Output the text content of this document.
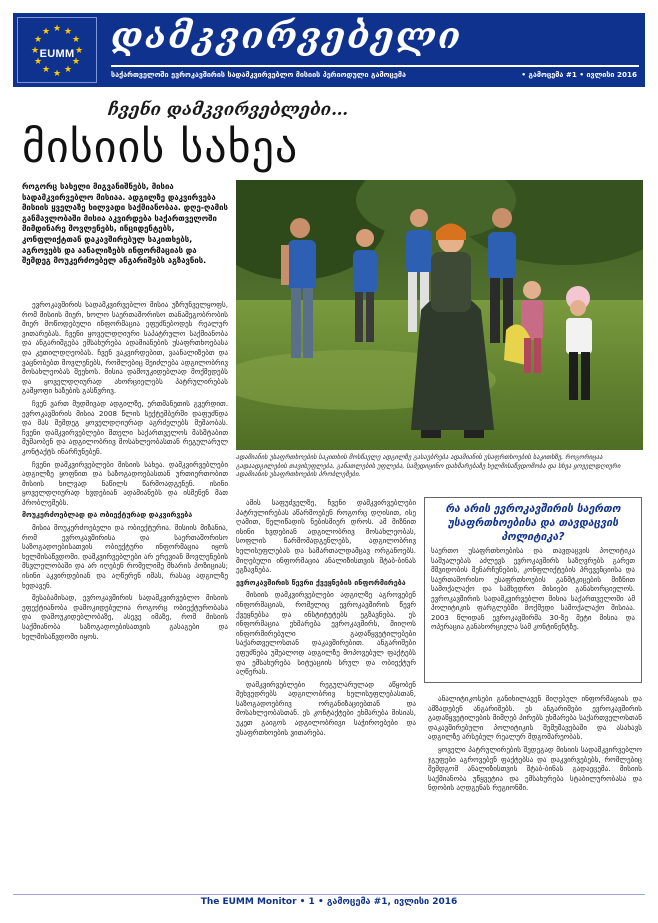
★ ★
★
★
★
★
★
★
★
★
★
★
EUMM	დამკვირვებელი
საქართველოში ევროკავშირის სადამკვირვებლო მისიის პერიოდული გამოცემა	• გამოცემა #1 • ივლისი 2016
ჩვენი დამკვირვებლები…
მისიის სახეა
როგორც სახელი მიგვანიშნებს, მისია სადამკვირვებლო მისიაა. ადგილზე დაკვირვება მისიის ყველაზე ხილვადი საქმიანობაა. დღე-ღამის განმავლობაში მისია აკვირდება საქართველოში მიმდინარე მოვლენებს, ინციდენტებს, კონფლიქტთან დაკავშირებულ საკითხებს, აგროვებს და აანალიზებს ინფორმაციას და შემდეგ მოუკერძოებელ ანგარიშებს აგზავნის.

ევროკავშირის სადამკვირვებლო მისია უზრუნველყოფს, რომ მისიის მიერ, ხოლო საერთაშორისო თანამეგობრობის მიერ მოწოდებული ინფორმაცია ეფუძნებოდეს რეალურ ვითარებას. ჩვენი ყოველდღიური საპატრულო საქმიანობა და ანგარიშგება ემსახურება ადამიანების უსაფრთხოებასა და კეთილდღეობას. ჩვენ ვაკვირდებით, ვაანალიზებთ და ვაცნობებთ მოვლენებს, რომლებიც შეიძლება ადგილობრივ მოსახლეობას შეეხოს. მისია დამოუკიდებლად მოქმედებს და ყოველდღიურად ახორციელებს პატრულირებას გამყოფი ხაზების გასწვრივ.

ჩვენ ვართ მუდმივად ადგილზე, ერთმანეთის გვერდით. ევროკავშირის მისია 2008 წლის სექტემბერში დაფუძნდა და მას შემდეგ ყოველდღიურად აგრძელებს მუშაობას. ჩვენი დამკვირვებლები მთელი საქართველოს მასშტაბით მუშაობენ და ადგილობრივ მოსახლეობასთან რეგულარულ კონტაქტს ინარჩუნებენ.

ჩვენი დამკვირვებლები მისიის სახეა. დამკვირვებლები ადგილზე ყოფნით და საზოგადოებასთან ურთიერთობით მისიის ხილვად ნაწილს წარმოადგენენ. ისინი ყოველდღიურად ხვდებიან ადამიანებს და ისმენენ მათ პრობლემებს.

მოუკერძოებლად და ობიექტურად დაკვირვება

მისია მოუკერძოებელი და ობიექტურია. მისიის მიზანია, რომ ევროკავშირისა და საერთაშორისო საზოგადოებისათვის ობიექტური ინფორმაცია იყოს ხელმისაწვდომი. დამკვირვებლები არ ერევიან მოვლენების მსვლელობაში და არ იღებენ რომელიმე მხარის პოზიციას; ისინი აკვირდებიან და აღწერენ იმას, რასაც ადგილზე ხედავენ.

შესაბამისად, ევროკავშირის სადამკვირვებლო მისიის ეფექტიანობა დამოკიდებულია როგორც ობიექტურობასა და დამოუკიდებლობაზე, ასევე იმაზე, რომ მისიის საქმიანობა საზოგადოებისათვის გასაგები და ხელმისაწვდომი იყოს.

ადამიანის უსაფრთხოების საკითხის მოსწავლე ადგილზე გასაუბრება ადამიანის უსაფრთხოების საკითხზე, როგორიცაა გადაადგილების თავისუფლება, განათლების უფლება, სამედიცინო დახმარებაზე ხელმისაწვდომობა და სხვა ყოველდღიური ადამიანის უსაფრთხოების პრობლემები.

ამის საფუძველზე, ჩვენი დამკვირვებლები პატრულირებას აწარმოებენ როგორც დღისით, ისე ღამით, წელიწადის ნებისმიერ დროს. ამ მიზნით ისინი ხვდებიან ადგილობრივ მოსახლეობას, სოფლის წარმომადგენლებს, ადგილობრივ ხელისუფლებას და სამართალდამცავ ორგანოებს. მიღებული ინფორმაცია ანალიზისთვის შტაბ-ბინას ეგზავნება.

ევროკავშირის წევრი ქვეყნების ინფორმირება

მისიის დამკვირვებლები ადგილზე აგროვებენ ინფორმაციას, რომელიც ევროკავშირის წევრ ქვეყნებსა და ინსტიტუტებს ეგზავნება. ეს ინფორმაცია ეხმარება ევროკავშირს, მიიღოს ინფორმირებული გადაწყვეტილებები საქართველოსთან დაკავშირებით. ანგარიშები ეფუძნება უშუალოდ ადგილზე მოპოვებულ ფაქტებს და ემსახურება სიტუაციის სრულ და ობიექტურ აღწერას.

დამკვირვებლები რეგულარულად აწყობენ შეხვედრებს ადგილობრივ ხელისუფლებასთან, საზოგადოებრივ ორგანიზაციებთან და მოსახლეობასთან. ეს კონტაქტები ეხმარება მისიას, უკეთ გაიგოს ადგილობრივი საჭიროებები და უსაფრთხოების ვითარება.

რა არის ევროკავშირის საერთო უსაფრთხოებისა და თავდაცვის პოლიტიკა?
საერთო უსაფრთხოებისა და თავდაცვის პოლიტიკა საშუალებას აძლევს ევროკავშირს საზღვრებს გარეთ მშვიდობის შენარჩუნების, კონფლიქტების პრევენციისა და საერთაშორისო უსაფრთხოების განმტკიცების მიზნით სამოქალაქო და სამხედრო მისიები განახორციელოს. ევროკავშირის სადამკვირვებლო მისია საქართველოში ამ პოლიტიკის ფარგლებში მოქმედი სამოქალაქო მისიაა. 2003 წლიდან ევროკავშირმა 30-ზე მეტი მისია და ოპერაცია განახორციელა სამ კონტინენტზე.

ანალიტიკოსები განიხილავენ მიღებულ ინფორმაციას და ამზადებენ ანგარიშებს. ეს ანგარიშები ევროკავშირის გადაწყვეტილების მიმღებ პირებს ეხმარება საქართველოსთან დაკავშირებული პოლიტიკის შემუშავებაში და ასახავს ადგილზე არსებულ რეალურ მდგომარეობას.

ყოველი პატრულირების შედეგად მისიის სადამკვირვებლო ჯგუფები აგროვებენ ფაქტებსა და დაკვირვებებს, რომლებიც შემდგომ ანალიზისთვის შტაბ-ბინას გადაეცემა. მისიის საქმიანობა უწყვეტია და ემსახურება სტაბილურობასა და ნდობის აღდგენას რეგიონში.

The EUMM Monitor • 1 • გამოცემა #1, ივლისი 2016
